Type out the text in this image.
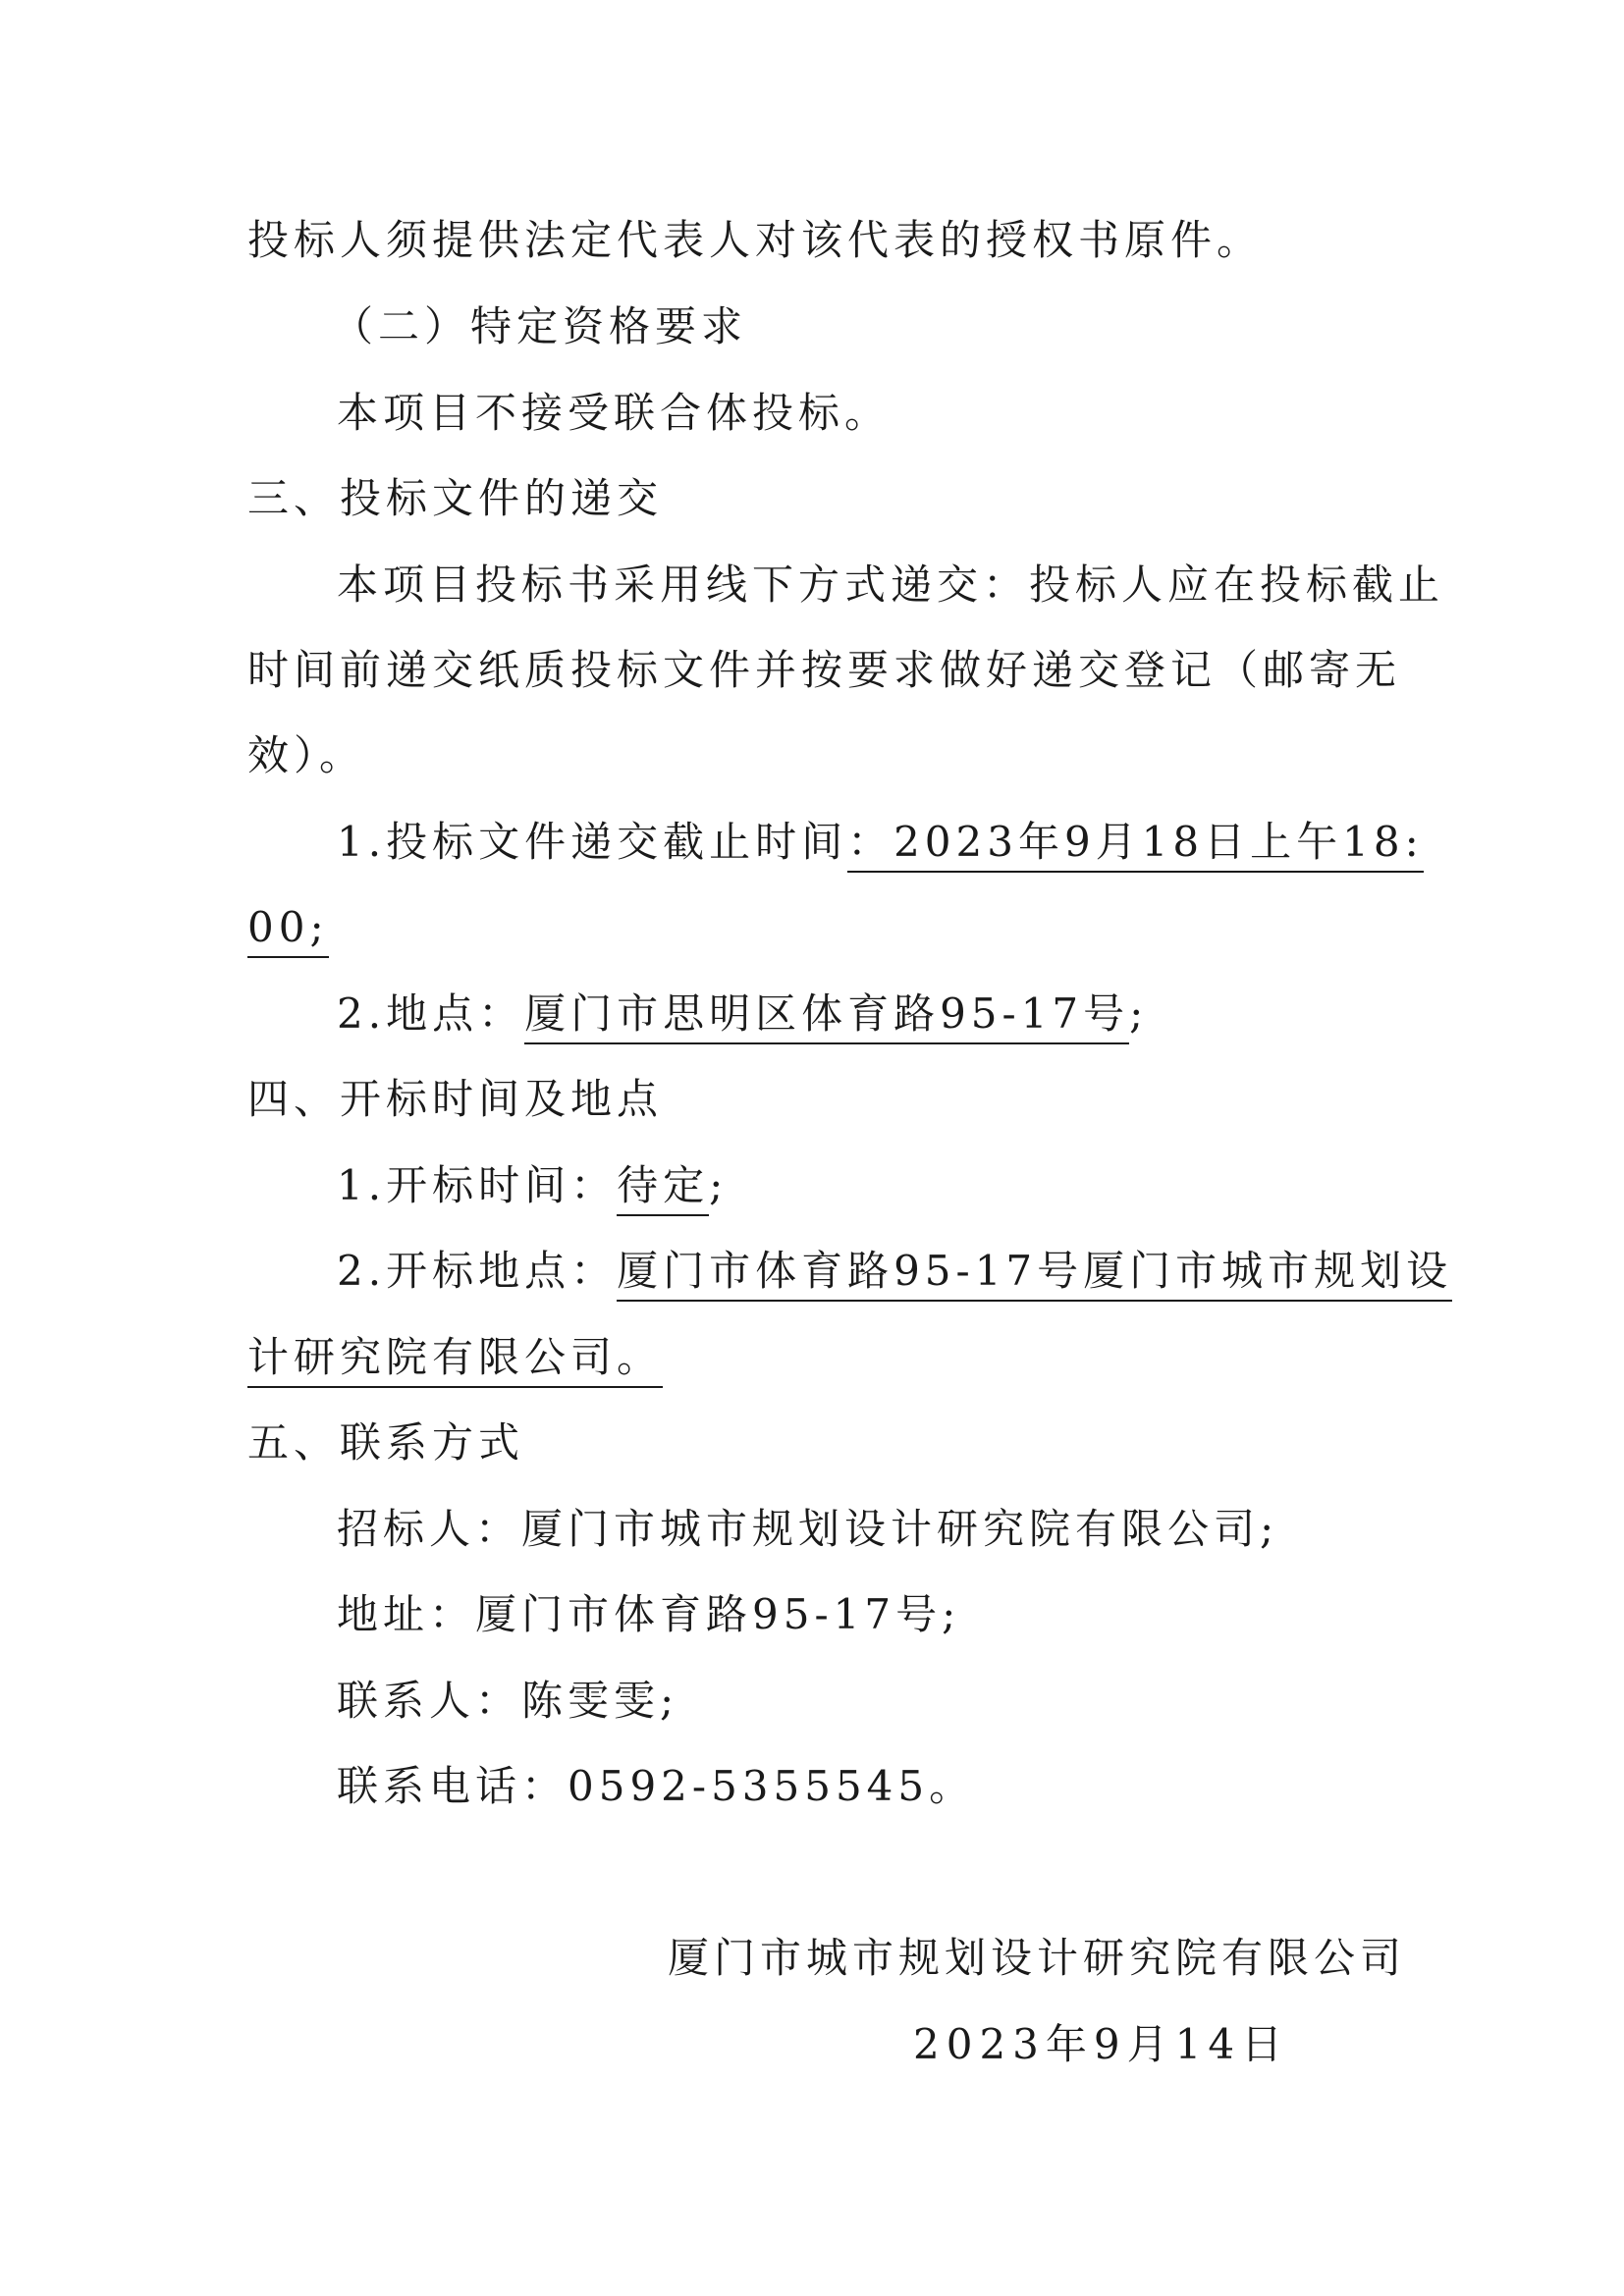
投标人须提供法定代表人对该代表的授权书原件。
（二）特定资格要求
本项目不接受联合体投标。
三、投标文件的递交
本项目投标书采用线下方式递交：投标人应在投标截止
时间前递交纸质投标文件并按要求做好递交登记（邮寄无
效）。
1.投标文件递交截止时间：2023年9月18日上午18:
00;
2.地点：厦门市思明区体育路95-17号;
四、开标时间及地点
1.开标时间：待定;
2.开标地点：厦门市体育路95-17号厦门市城市规划设
计研究院有限公司。
五、联系方式
招标人：厦门市城市规划设计研究院有限公司;
地址：厦门市体育路95-17号;
联系人：陈雯雯;
联系电话：0592-5355545。
厦门市城市规划设计研究院有限公司
2023年9月14日
